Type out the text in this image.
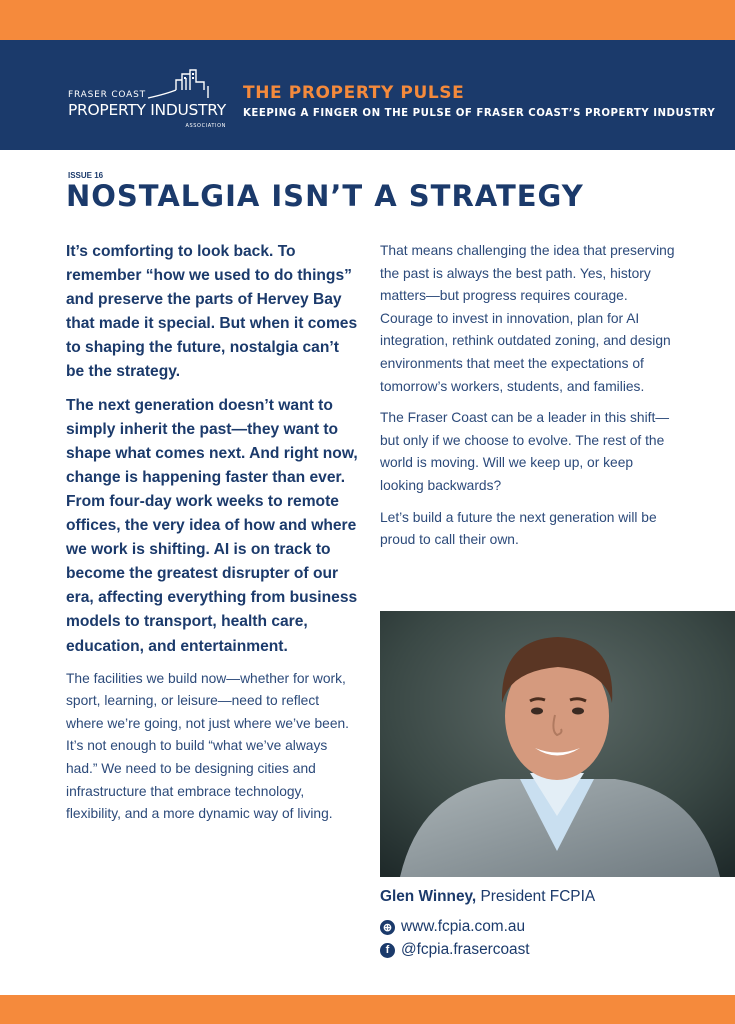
FRASER COAST
PROPERTY INDUSTRY
ASSOCIATION
THE PROPERTY PULSE
KEEPING A FINGER ON THE PULSE OF FRASER COAST’S PROPERTY INDUSTRY
ISSUE 16
NOSTALGIA ISN’T A STRATEGY

It’s comforting to look back. To remember “how we used to do things” and preserve the parts of Hervey Bay that made it special. But when it comes to shaping the future, nostalgia can’t be the strategy.

The next generation doesn’t want to simply inherit the past—they want to shape what comes next. And right now, change is happening faster than ever. From four-day work weeks to remote offices, the very idea of how and where we work is shifting. AI is on track to become the greatest disrupter of our era, affecting everything from business models to transport, health care, education, and entertainment.

The facilities we build now—whether for work, sport, learning, or leisure—need to reflect where we’re going, not just where we’ve been. It’s not enough to build “what we’ve always had.” We need to be designing cities and infrastructure that embrace technology, flexibility, and a more dynamic way of living.

That means challenging the idea that preserving the past is always the best path. Yes, history matters—but progress requires courage. Courage to invest in innovation, plan for AI integration, rethink outdated zoning, and design environments that meet the expectations of tomorrow’s workers, students, and families.

The Fraser Coast can be a leader in this shift—but only if we choose to evolve. The rest of the world is moving. Will we keep up, or keep looking backwards?

Let’s build a future the next generation will be proud to call their own.

Glen Winney, President FCPIA
⊕ www.fcpia.com.au
f @fcpia.frasercoast
